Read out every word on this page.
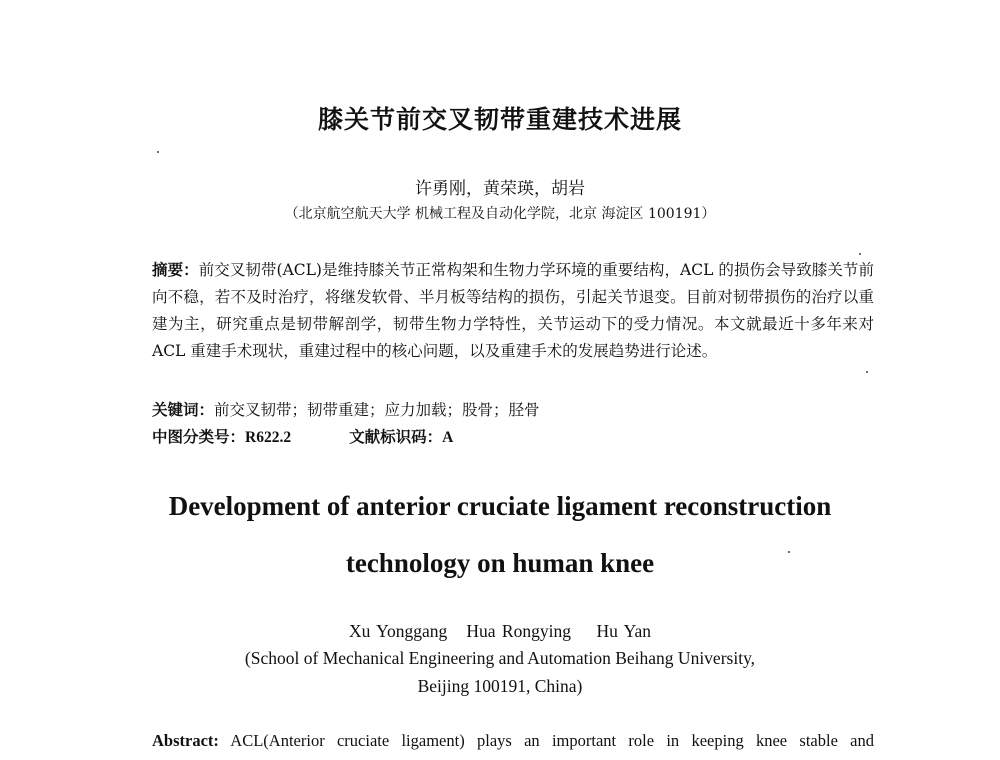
膝关节前交叉韧带重建技术进展
许勇刚，黄荣瑛，胡岩
（北京航空航天大学 机械工程及自动化学院，北京 海淀区 100191）
摘要：前交叉韧带(ACL)是维持膝关节正常构架和生物力学环境的重要结构，ACL 的损伤会导致膝关节前向不稳，若不及时治疗，将继发软骨、半月板等结构的损伤，引起关节退变。目前对韧带损伤的治疗以重建为主，研究重点是韧带解剖学，韧带生物力学特性，关节运动下的受力情况。本文就最近十多年来对 ACL 重建手术现状，重建过程中的核心问题，以及重建手术的发展趋势进行论述。
关键词：前交叉韧带；韧带重建；应力加载；股骨；胫骨
中图分类号：R622.2	文献标识码：A
Development of anterior cruciate ligament reconstruction
technology on human knee
Xu Yonggang   Hua Rongying    Hu Yan
(School of Mechanical Engineering and Automation Beihang University,
Beijing 100191, China)
Abstract: ACL(Anterior cruciate ligament) plays an important role in keeping knee stable and
